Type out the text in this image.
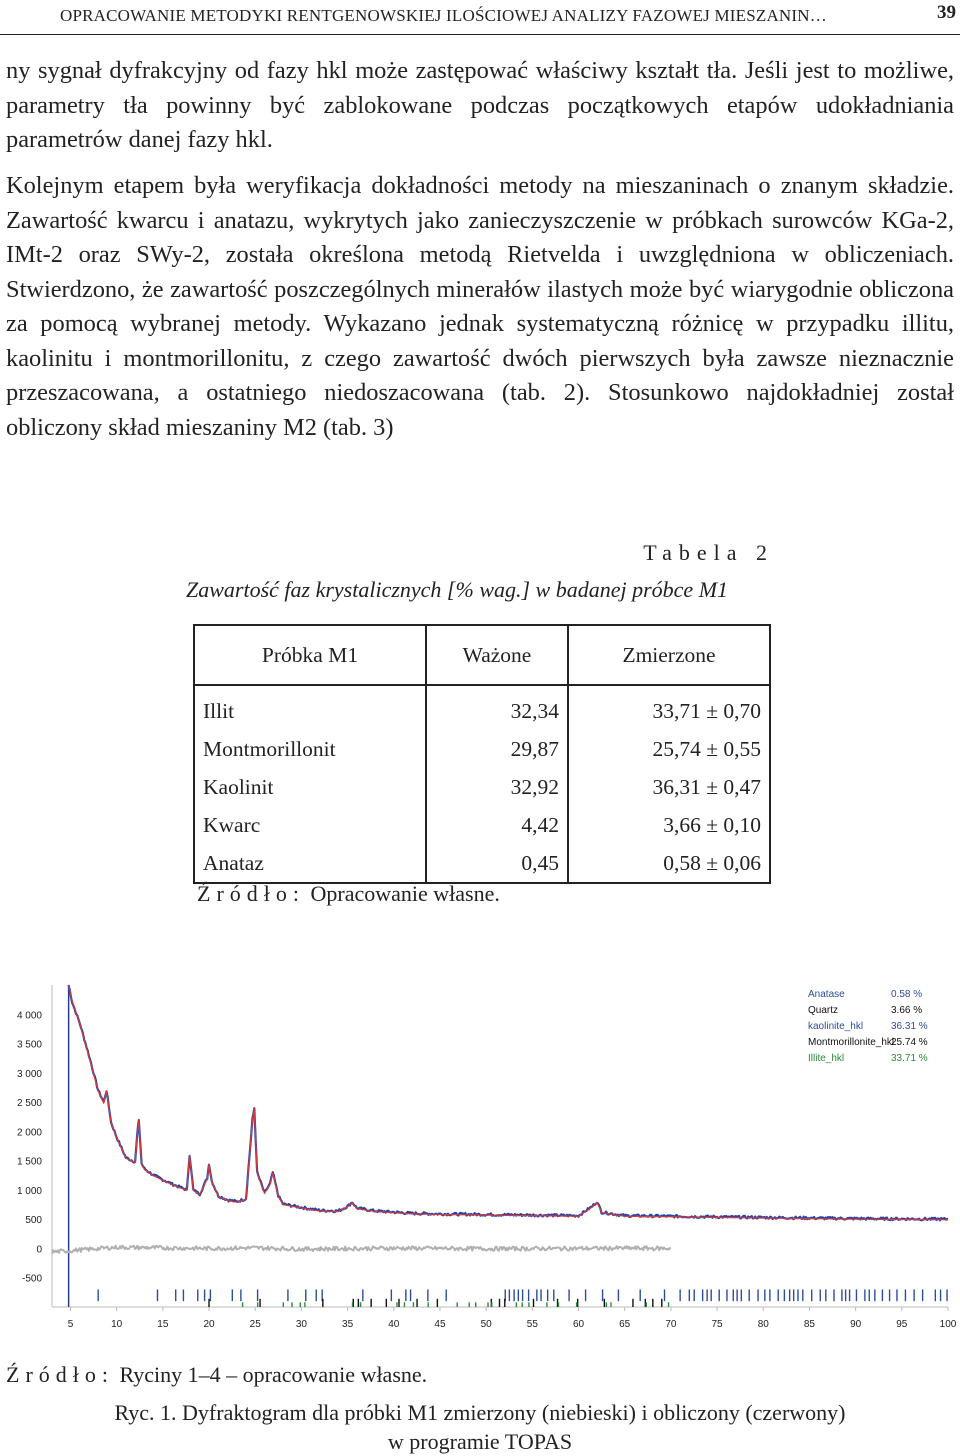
OPRACOWANIE METODYKI RENTGENOWSKIEJ ILOŚCIOWEJ ANALIZY FAZOWEJ MIESZANIN…	39

ny sygnał dyfrakcyjny od fazy hkl może zastępować właściwy kształt tła. Jeśli jest to możliwe, parametry tła powinny być zablokowane podczas początkowych etapów udokładniania parametrów danej fazy hkl.

Kolejnym etapem była weryfikacja dokładności metody na mieszaninach o znanym składzie. Zawartość kwarcu i anatazu, wykrytych jako zanieczyszczenie w próbkach surowców KGa-2, IMt-2 oraz SWy-2, została określona metodą Rietvelda i uwzględniona w obliczeniach. Stwierdzono, że zawartość poszczególnych minerałów ilastych może być wiarygodnie obliczona za pomocą wybranej metody. Wykazano jednak systematyczną różnicę w przypadku illitu, kaolinitu i montmorillonitu, z czego zawartość dwóch pierwszych była zawsze nieznacznie przeszacowana, a ostatniego niedoszacowana (tab. 2). Stosunkowo najdokładniej został obliczony skład mieszaniny M2 (tab. 3)

Tabela 2
Zawartość faz krystalicznych [% wag.] w badanej próbce M1
Próbka M1	Ważone	Zmierzone
Illit	32,34	33,71 ± 0,70
Montmorillonit	29,87	25,74 ± 0,55
Kaolinit	32,92	36,31 ± 0,47
Kwarc	4,42	3,66 ± 0,10
Anataz	0,45	0,58 ± 0,06
Źródło: Opracowanie własne.
-500
0
500
1 000
1 500
2 000
2 500
3 000
3 500
4 000
5	10	15	20	25	30	35	40	45	50	55	60	65	70	75	80	85	90	95	100
Anatase	0.58 %
Quartz	3.66 %
kaolinite_hkl	36.31 %
Montmorillonite_hkl
25.74 %
Illite_hkl	33.71 %
Źródło: Ryciny 1–4 – opracowanie własne.
Ryc. 1. Dyfraktogram dla próbki M1 zmierzony (niebieski) i obliczony (czerwony)
w programie TOPAS
